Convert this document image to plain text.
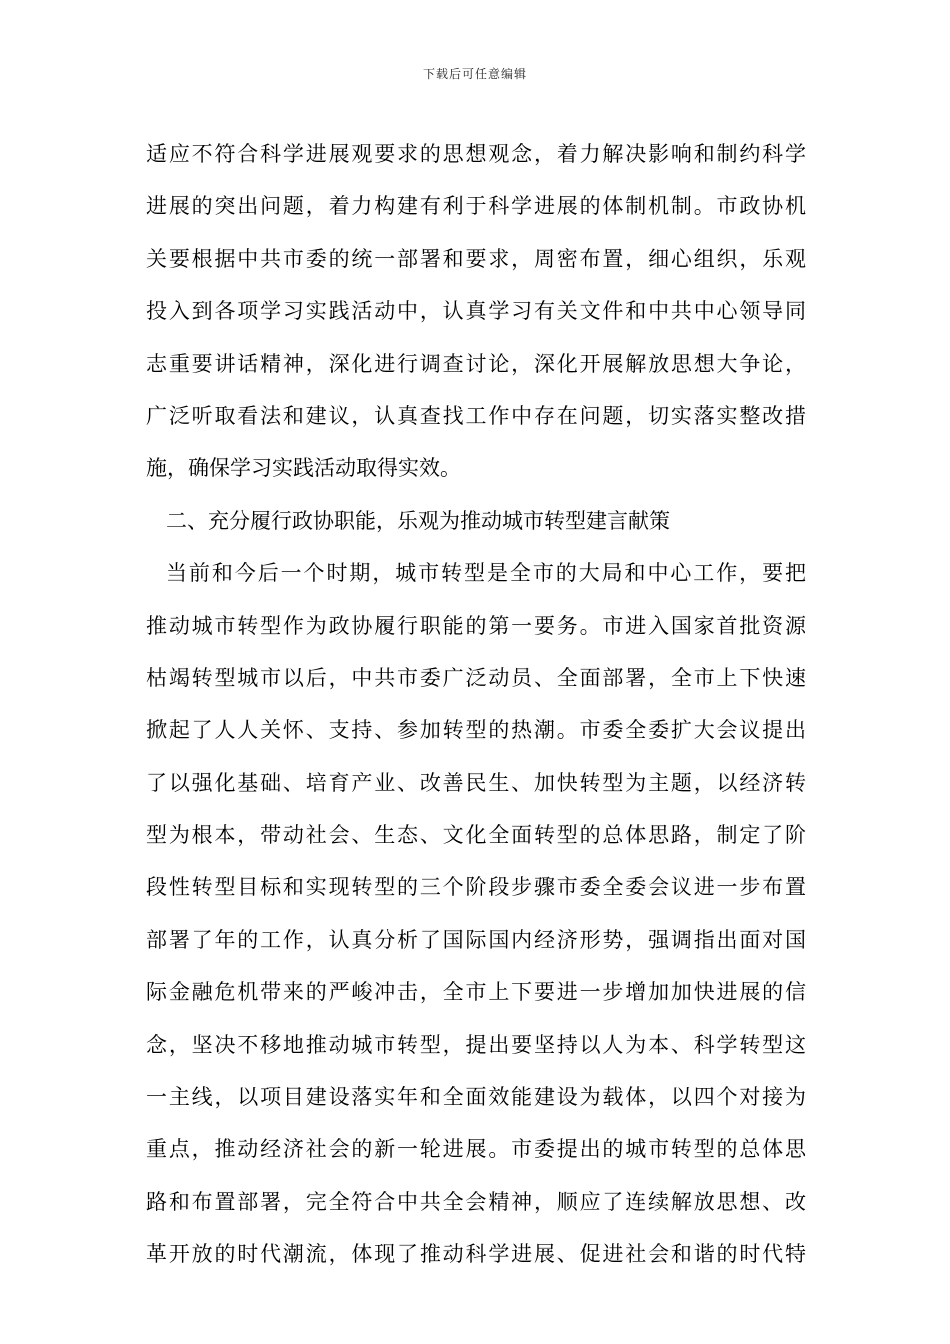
下载后可任意编辑
适应不符合科学进展观要求的思想观念，着力解决影响和制约科学
进展的突出问题，着力构建有利于科学进展的体制机制。市政协机
关要根据中共市委的统一部署和要求，周密布置，细心组织，乐观
投入到各项学习实践活动中，认真学习有关文件和中共中心领导同
志重要讲话精神，深化进行调查讨论，深化开展解放思想大争论，
广泛听取看法和建议，认真查找工作中存在问题，切实落实整改措
施，确保学习实践活动取得实效。
二、充分履行政协职能，乐观为推动城市转型建言献策
当前和今后一个时期，城市转型是全市的大局和中心工作，要把
推动城市转型作为政协履行职能的第一要务。市进入国家首批资源
枯竭转型城市以后，中共市委广泛动员、全面部署，全市上下快速
掀起了人人关怀、支持、参加转型的热潮。市委全委扩大会议提出
了以强化基础、培育产业、改善民生、加快转型为主题，以经济转
型为根本，带动社会、生态、文化全面转型的总体思路，制定了阶
段性转型目标和实现转型的三个阶段步骤市委全委会议进一步布置
部署了年的工作，认真分析了国际国内经济形势，强调指出面对国
际金融危机带来的严峻冲击，全市上下要进一步增加加快进展的信
念，坚决不移地推动城市转型，提出要坚持以人为本、科学转型这
一主线，以项目建设落实年和全面效能建设为载体，以四个对接为
重点，推动经济社会的新一轮进展。市委提出的城市转型的总体思
路和布置部署，完全符合中共全会精神，顺应了连续解放思想、改
革开放的时代潮流，体现了推动科学进展、促进社会和谐的时代特
